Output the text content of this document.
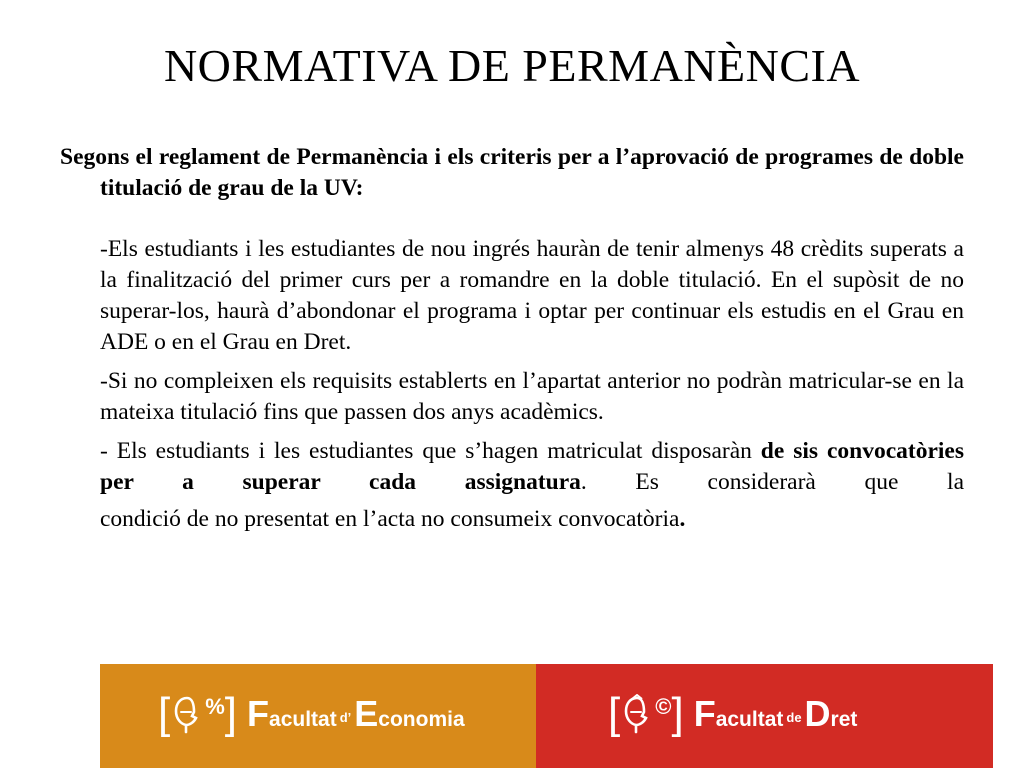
NORMATIVA DE PERMANÈNCIA

Segons el reglament de Permanència i els criteris per a l’aprovació de programes de doble titulació de grau de la UV:

-Els estudiants i les estudiantes de nou ingrés hauràn de tenir almenys 48 crèdits superats a la finalització del primer curs per a romandre en la doble titulació. En el supòsit de no superar-los, haurà d’abondonar el programa i optar per continuar els estudis en el Grau en ADE o en el Grau en Dret.

-Si no compleixen els requisits establerts en l’apartat anterior no podràn matricular-se en la mateixa titulació fins que passen dos anys acadèmics.

- Els estudiants i les estudiantes que s’hagen matriculat disposaràn de sis convocatòries per a superar cada assignatura. Es considerarà que la condició de no presentat en l’acta no consumeix convocatòria.

[ % ] F acultat d’ E conomia	[ © ] F acultat de D ret
